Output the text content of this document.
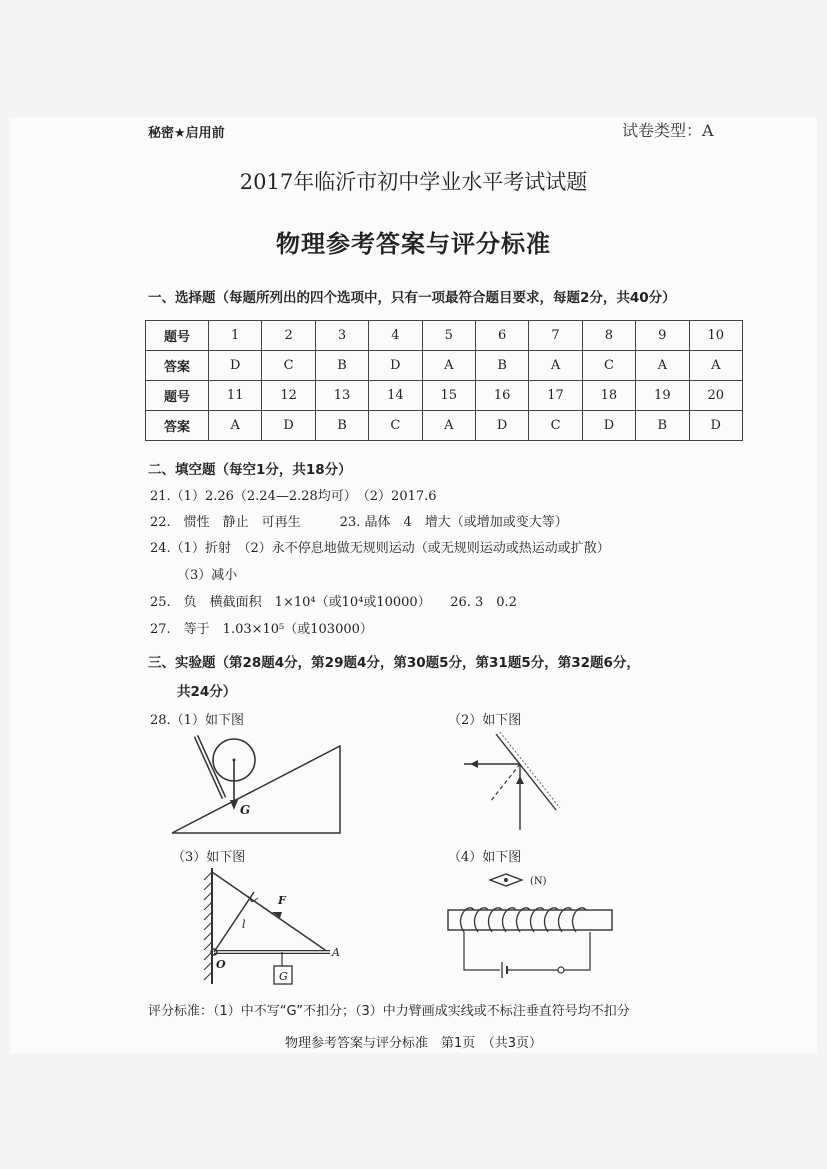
秘密★启用前	试卷类型：A
2017年临沂市初中学业水平考试试题
物理参考答案与评分标准
一、选择题（每题所列出的四个选项中，只有一项最符合题目要求，每题2分，共40分）
题号	1	2	3	4	5	6	7	8	9	10
答案	D	C	B	D	A	B	A	C	A	A
题号	11	12	13	14	15	16	17	18	19	20
答案	A	D	B	C	A	D	C	D	B	D
二、填空题（每空1分，共18分）
21.（1）2.26（2.24—2.28均可）　（2）2017.6
22.　惯性　静止　可再生　　　23. 晶体　4　增大（或增加或变大等）
24.（1）折射　（2）永不停息地做无规则运动（或无规则运动或热运动或扩散）
（3）减小
25.　负　横截面积　1×10⁴（或10⁴或10000）　　26. 3　0.2
27.　等于　1.03×10⁵（或103000）
三、实验题（第28题4分，第29题4分，第30题5分，第31题5分，第32题6分，
共24分）
28.（1）如下图	（2）如下图
G
（3）如下图	（4）如下图
G
F
l
O
A
(N)
评分标准：（1）中不写“G”不扣分；（3）中力臂画成实线或不标注垂直符号均不扣分
物理参考答案与评分标准　第1页　（共3页）
